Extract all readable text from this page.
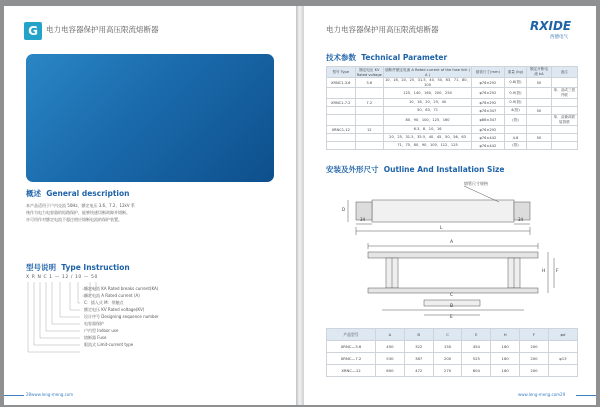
G	电力电容器保护用高压限流熔断器
概述 General description
本产品适用于户内交流 50Hz、额定电压 3.6、7.2、12kV 系
统作为电力电容器的短路保护，能够快速切断故障并熔断。
亦可用作对额定电流不超过相应熔断电流的保护装置。
型号说明 Type Instruction
X R N C 1 — 12 / 10 — 50
额定电流 KA Rated breaks current(KA)
额定电流 A Rated current (A)
C：插入式 M：带触点
额定电压 KV Rated voltage(KV)
设计序号 Designing sequence number
电容器保护
户内型 Indoor use
熔断器 Fuse
限流式 Limit-current type
28www.leng-meng.com
电力电容器保护用高压限流熔断器	RXIDE
西德电气
技术参数 Technical Parameter
型号 Type	额定电压 KV Rated voltage	熔断件额定电流 A Rated current of the fuse link ( A )	熔管尺寸(mm)	重量 (kg)	额定开断电流 kA	备注
XRNC1-3.6	3.6	10、16、20、25、31.5、40、50、63、71、80、100	φ76×292	0.8(管)	50	
		125、140、160、200、250	φ76×292	0.9(管)		单、双或三管并联
XRNC1-7.2	7.2	10、16、20、25、40	φ76×292	0.9(管)		
		50、63、71	φ76×347	4(管)	50	
		80、90、100、125、160	φ86×347	(管)		单、双兼或联装管联
XRNC1-12	12	6.3、8、10、16	φ76×292			
		20、25、31.5、35.5、40、45、50、56、63	φ76×442	4.6	50	
		71、75、80、90、100、112、125	φ76×442	(管)		
安装及外形尺寸 Outline And Installation Size
熔管尺寸规格
34
L
D
34
A
B
C
E
H F
产品型号	A	B	C	E	H	F	φd
XRNC—3.6	450	322	150	454	160	200	
XRNC—7.2	530	387	200	525	160	200	φ13
XRNC—12	600	472	270	604	160	200	
www.leng-meng.com29
